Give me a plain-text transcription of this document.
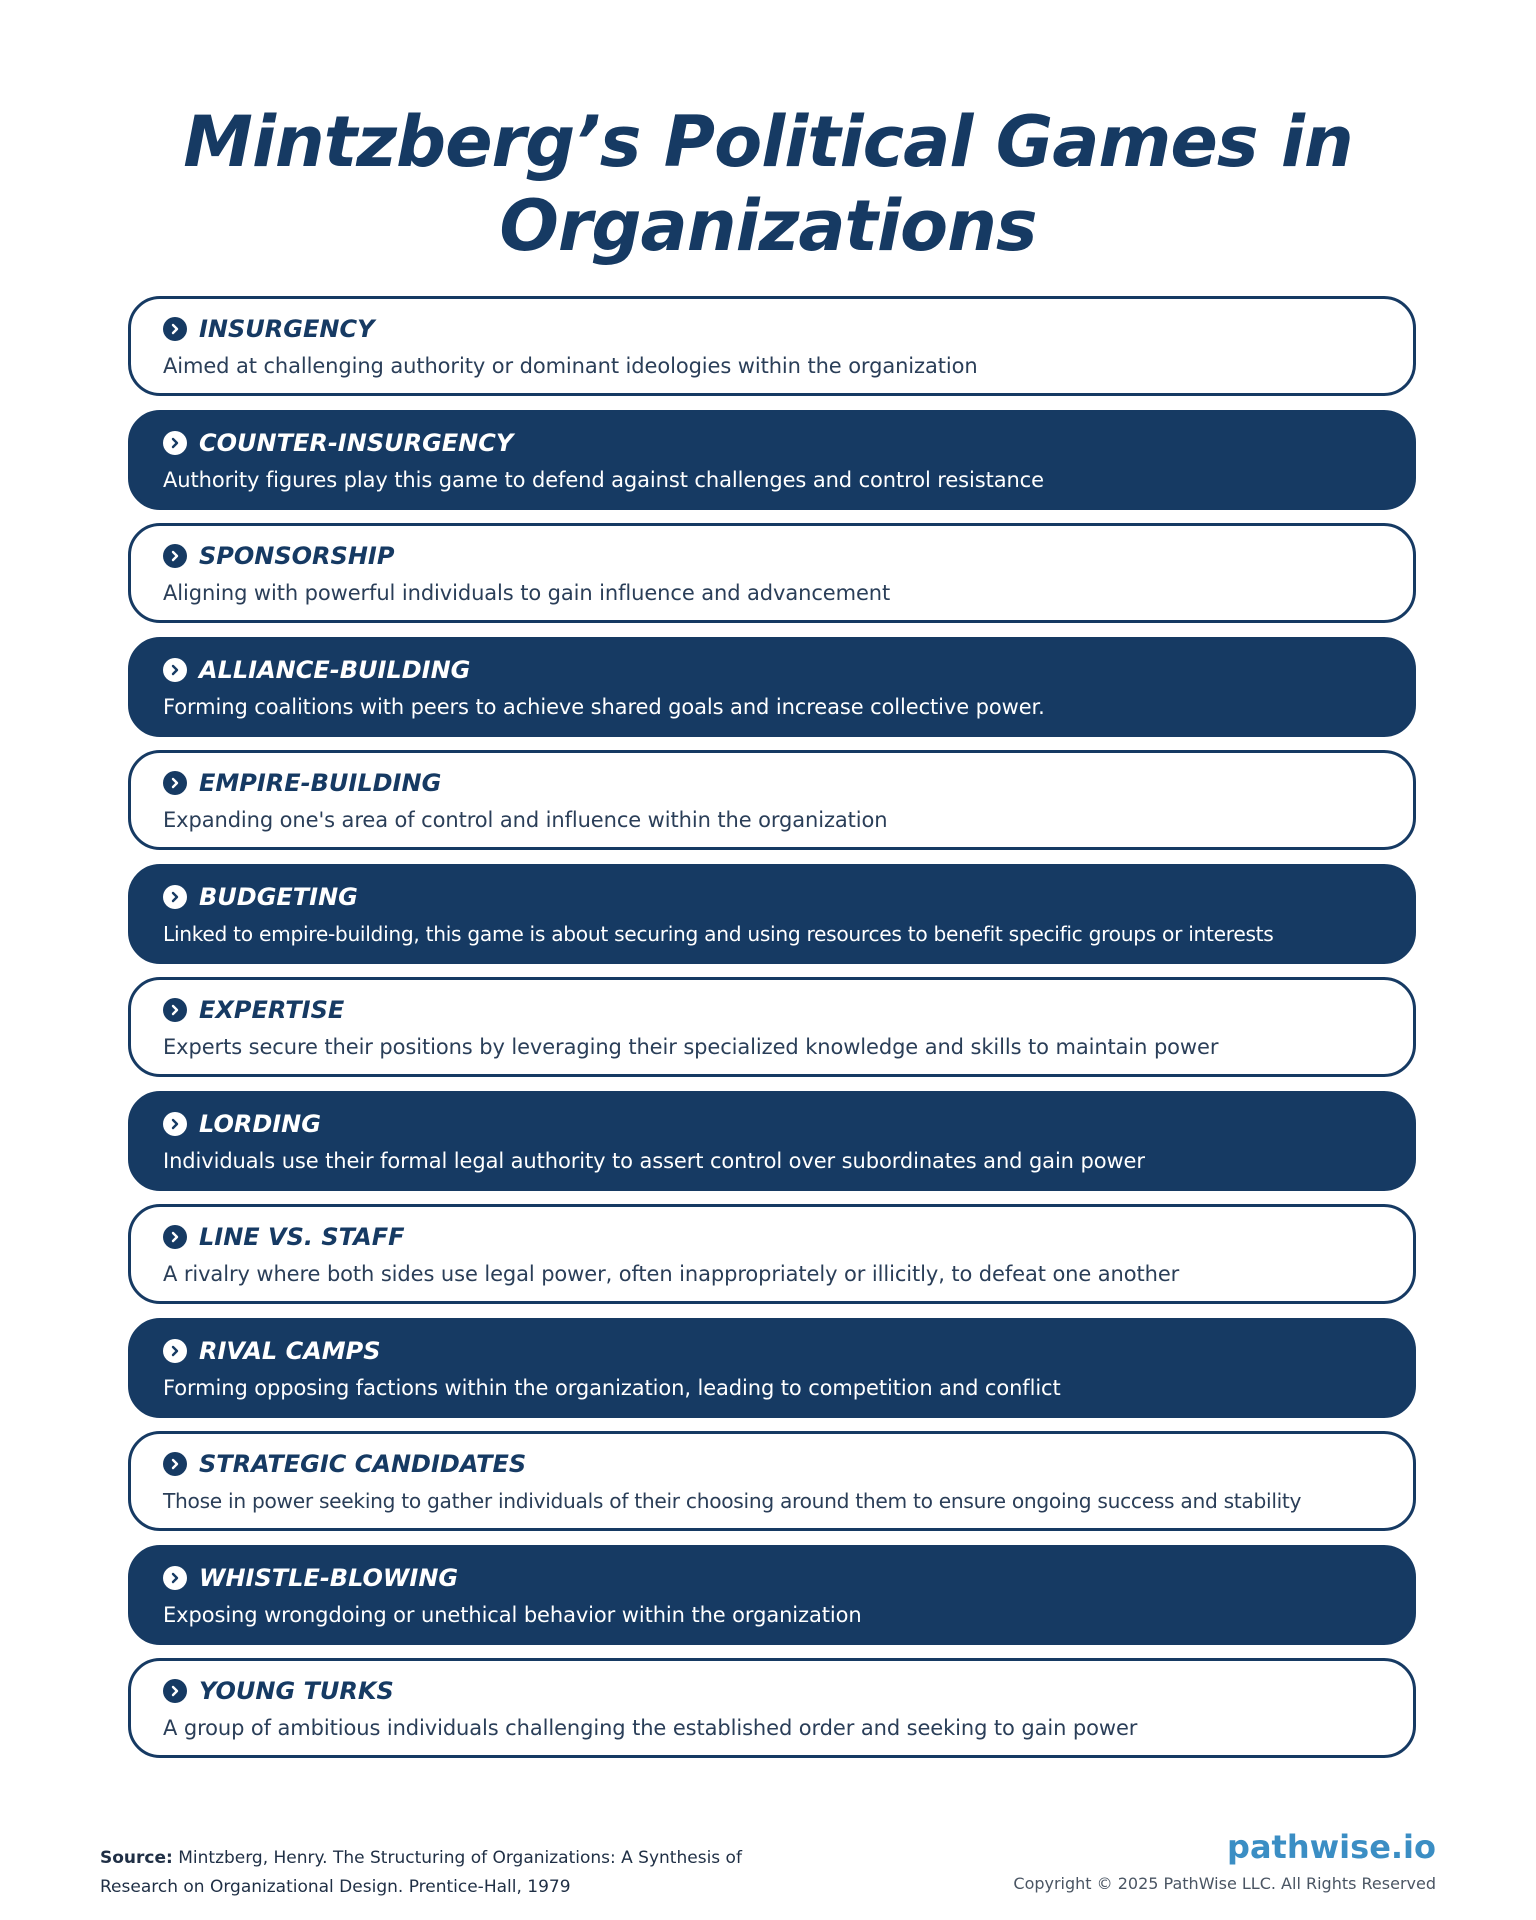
Mintzberg’s Political Games in Organizations
INSURGENCY
Aimed at challenging authority or dominant ideologies within the organization
COUNTER-INSURGENCY
Authority figures play this game to defend against challenges and control resistance
SPONSORSHIP
Aligning with powerful individuals to gain influence and advancement
ALLIANCE-BUILDING
Forming coalitions with peers to achieve shared goals and increase collective power.
EMPIRE-BUILDING
Expanding one's area of control and influence within the organization
BUDGETING
Linked to empire-building, this game is about securing and using resources to benefit specific groups or interests
EXPERTISE
Experts secure their positions by leveraging their specialized knowledge and skills to maintain power
LORDING
Individuals use their formal legal authority to assert control over subordinates and gain power
LINE VS. STAFF
A rivalry where both sides use legal power, often inappropriately or illicitly, to defeat one another
RIVAL CAMPS
Forming opposing factions within the organization, leading to competition and conflict
STRATEGIC CANDIDATES
Those in power seeking to gather individuals of their choosing around them to ensure ongoing success and stability
WHISTLE-BLOWING
Exposing wrongdoing or unethical behavior within the organization
YOUNG TURKS
A group of ambitious individuals challenging the established order and seeking to gain power
Source: Mintzberg, Henry. The Structuring of Organizations: A Synthesis of Research on Organizational Design. Prentice-Hall, 1979
pathwise.io
Copyright © 2025 PathWise LLC. All Rights Reserved
